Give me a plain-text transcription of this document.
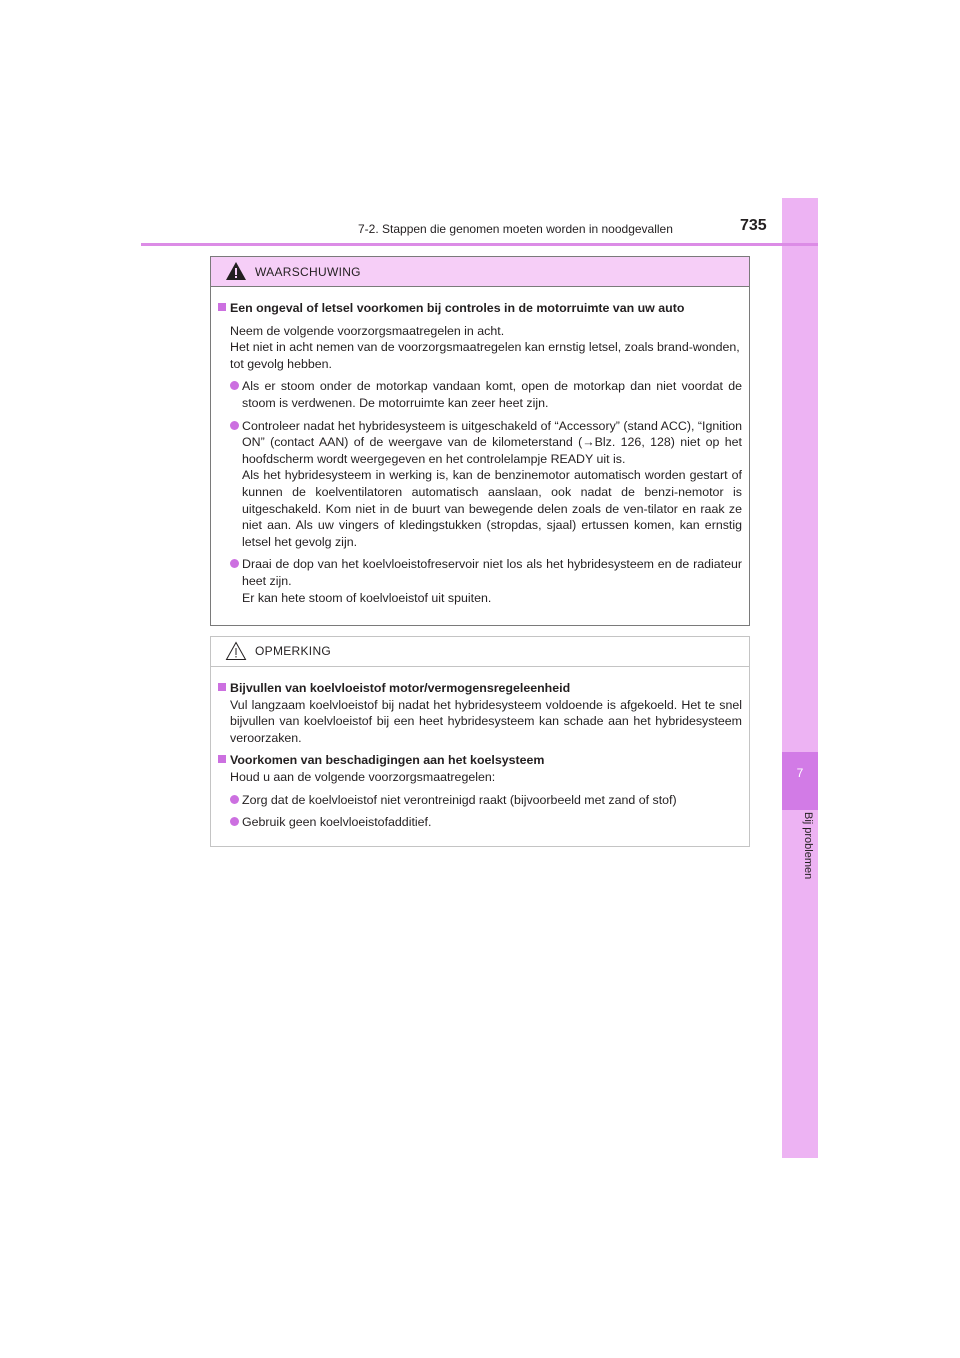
7
Bij problemen
7-2. Stappen die genomen moeten worden in noodgevallen	735
WAARSCHUWING
Een ongeval of letsel voorkomen bij controles in de motorruimte van uw auto
Neem de volgende voorzorgsmaatregelen in acht.
Het niet in acht nemen van de voorzorgsmaatregelen kan ernstig letsel, zoals brand-wonden, tot gevolg hebben.
Als er stoom onder de motorkap vandaan komt, open de motorkap dan niet voordat de stoom is verdwenen. De motorruimte kan zeer heet zijn.
Controleer nadat het hybridesysteem is uitgeschakeld of “Accessory” (stand ACC), “Ignition ON” (contact AAN) of de weergave van de kilometerstand (→Blz. 126, 128) niet op het hoofdscherm wordt weergegeven en het controlelampje READY uit is.
Als het hybridesysteem in werking is, kan de benzinemotor automatisch worden gestart of kunnen de koelventilatoren automatisch aanslaan, ook nadat de benzi-nemotor is uitgeschakeld. Kom niet in de buurt van bewegende delen zoals de ven-tilator en raak ze niet aan. Als uw vingers of kledingstukken (stropdas, sjaal) ertussen komen, kan ernstig letsel het gevolg zijn.
Draai de dop van het koelvloeistofreservoir niet los als het hybridesysteem en de radiateur heet zijn.
Er kan hete stoom of koelvloeistof uit spuiten.
OPMERKING
Bijvullen van koelvloeistof motor/vermogensregeleenheid
Vul langzaam koelvloeistof bij nadat het hybridesysteem voldoende is afgekoeld. Het te snel bijvullen van koelvloeistof bij een heet hybridesysteem kan schade aan het hybridesysteem veroorzaken.
Voorkomen van beschadigingen aan het koelsysteem
Houd u aan de volgende voorzorgsmaatregelen:
Zorg dat de koelvloeistof niet verontreinigd raakt (bijvoorbeeld met zand of stof)
Gebruik geen koelvloeistofadditief.
